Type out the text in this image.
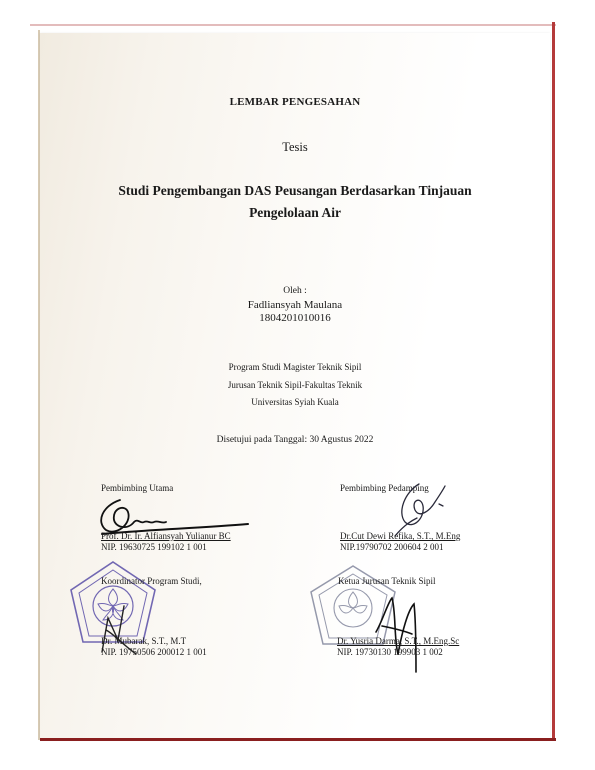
LEMBAR PENGESAHAN
Tesis
Studi Pengembangan DAS Peusangan Berdasarkan Tinjauan
Pengelolaan Air
Oleh :
Fadliansyah Maulana
1804201010016
Program Studi Magister Teknik Sipil
Jurusan Teknik Sipil-Fakultas Teknik
Universitas Syiah Kuala
Disetujui pada Tanggal: 30 Agustus 2022
Pembimbing Utama
Prof. Dr. Ir. Alfiansyah Yulianur BC
NIP. 19630725 199102 1 001
Pembimbing Pedamping
Dr.Cut Dewi Refika, S.T., M.Eng
NIP.19790702 200604 2 001
Koordinator Program Studi,
Dr. Mubarak, S.T., M.T
NIP. 19750506 200012 1 001
Ketua Jurusan Teknik Sipil
Dr. Yusria Darma, S.T., M.Eng.Sc
NIP. 19730130 199903 1 002
